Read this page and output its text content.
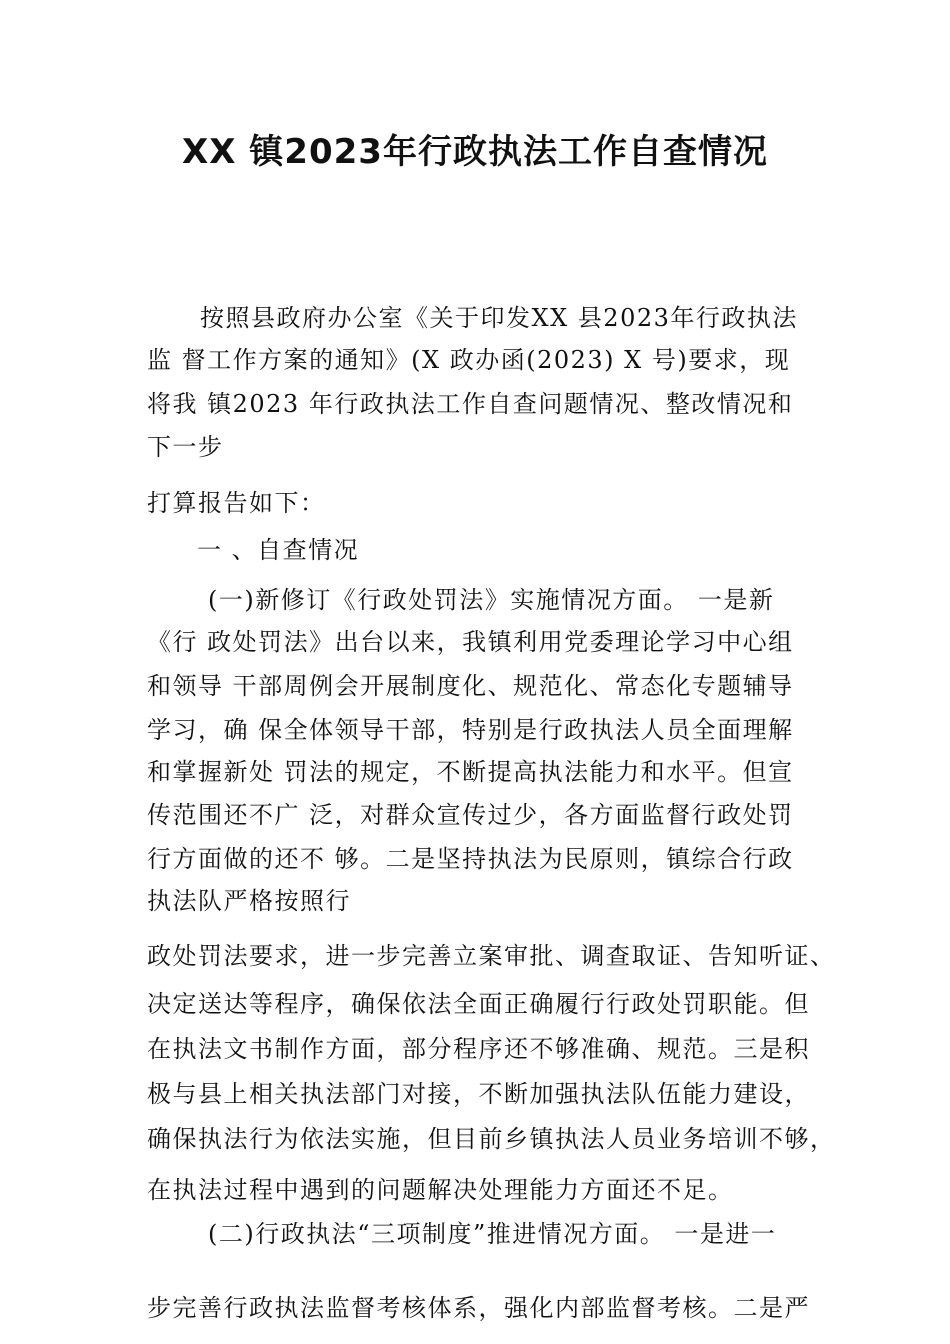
XX 镇2023年行政执法工作自查情况
按照县政府办公室《关于印发XX 县2023年行政执法
监 督工作方案的通知》(X 政办函(2023) X 号)要求，现
将我 镇2023 年行政执法工作自查问题情况、整改情况和
下一步
打算报告如下：
一 、自查情况
(一)新修订《行政处罚法》实施情况方面。 一是新
《行 政处罚法》出台以来，我镇利用党委理论学习中心组
和领导 干部周例会开展制度化、规范化、常态化专题辅导
学习，确 保全体领导干部，特别是行政执法人员全面理解
和掌握新处 罚法的规定，不断提高执法能力和水平。但宣
传范围还不广 泛，对群众宣传过少，各方面监督行政处罚
行方面做的还不 够。二是坚持执法为民原则，镇综合行政
执法队严格按照行
政处罚法要求，进一步完善立案审批、调查取证、告知听证、
决定送达等程序，确保依法全面正确履行行政处罚职能。但
在执法文书制作方面，部分程序还不够准确、规范。三是积
极与县上相关执法部门对接，不断加强执法队伍能力建设，
确保执法行为依法实施，但目前乡镇执法人员业务培训不够，
在执法过程中遇到的问题解决处理能力方面还不足。
(二)行政执法“三项制度”推进情况方面。 一是进一
步完善行政执法监督考核体系，强化内部监督考核。二是严
